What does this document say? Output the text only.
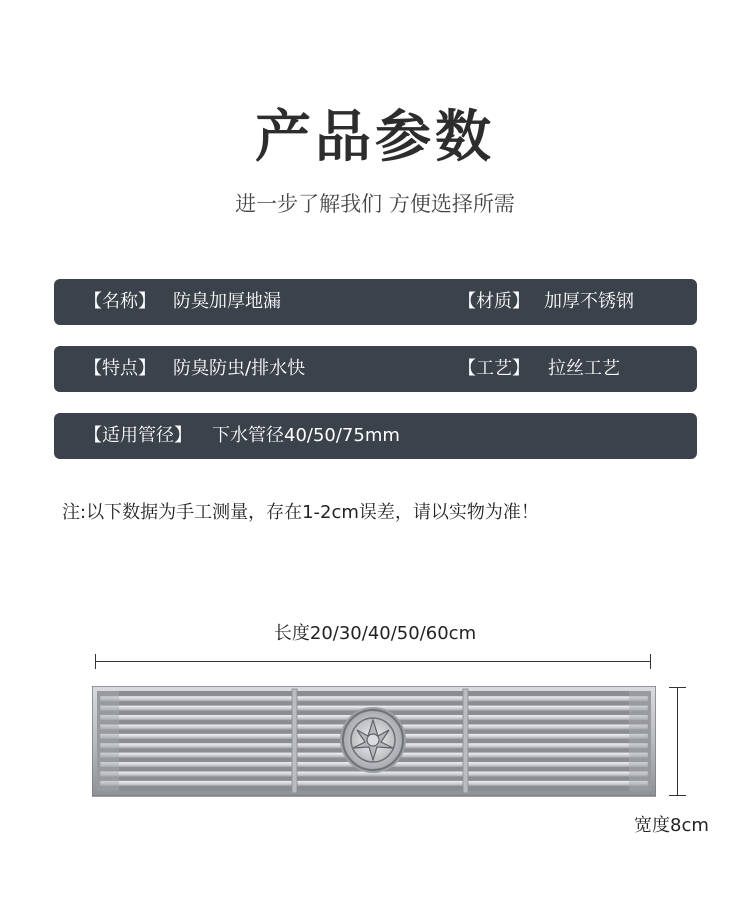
产品参数
进一步了解我们 方便选择所需
【名称】 防臭加厚地漏	【材质】 加厚不锈钢
【特点】 防臭防虫/排水快	【工艺】 拉丝工艺
【适用管径】 下水管径40/50/75mm
注:以下数据为手工测量，存在1-2cm误差，请以实物为准！
长度20/30/40/50/60cm
宽度8cm
